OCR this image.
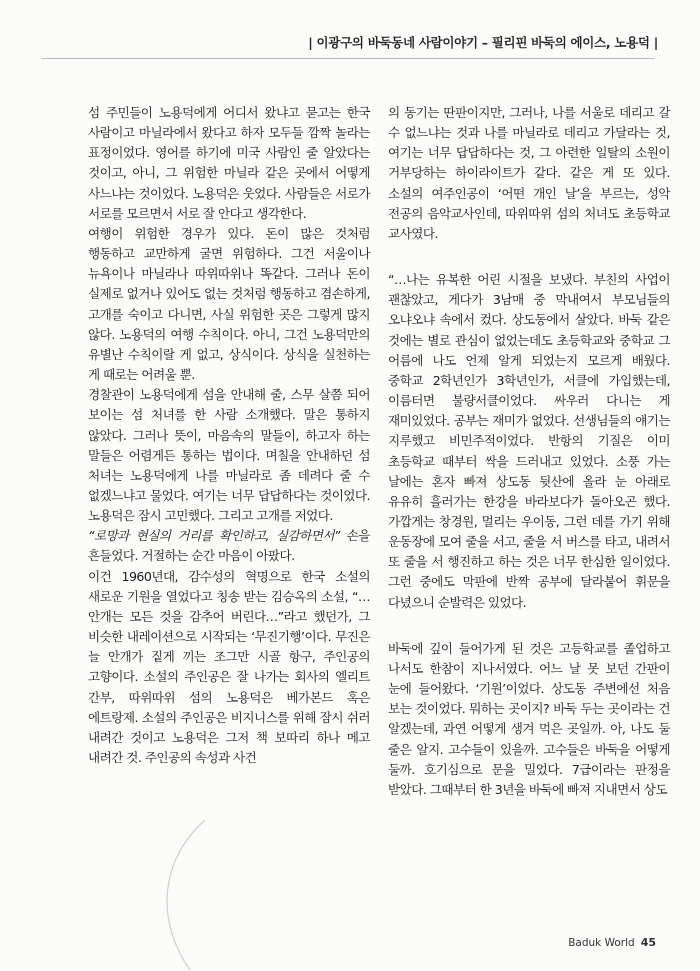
| 이광구의 바둑동네 사람이야기 – 필리핀 바둑의 에이스, 노용덕 |

섬 주민들이 노용덕에게 어디서 왔냐고 묻고는 한국 사람이고 마닐라에서 왔다고 하자 모두들 깜짝 놀라는 표정이었다. 영어를 하기에 미국 사람인 줄 알았다는 것이고, 아니, 그 위험한 마닐라 같은 곳에서 어떻게 사느냐는 것이었다. 노용덕은 웃었다. 사람들은 서로가 서로를 모르면서 서로 잘 안다고 생각한다.

여행이 위험한 경우가 있다. 돈이 많은 것처럼 행동하고 교만하게 굴면 위험하다. 그건 서울이나 뉴욕이나 마닐라나 따위따위나 똑같다. 그러나 돈이 실제로 없거나 있어도 없는 것처럼 행동하고 겸손하게, 고개를 숙이고 다니면, 사실 위험한 곳은 그렇게 많지 않다. 노용덕의 여행 수칙이다. 아니, 그건 노용덕만의 유별난 수칙이랄 게 없고, 상식이다. 상식을 실천하는 게 때로는 어려울 뿐.

경찰관이 노용덕에게 섬을 안내해 줄, 스무 살쯤 되어 보이는 섬 처녀를 한 사람 소개했다. 말은 통하지 않았다. 그러나 뜻이, 마음속의 말들이, 하고자 하는 말들은 어렴게든 통하는 법이다. 며칠을 안내하던 섬 처녀는 노용덕에게 나를 마닐라로 좀 데려다 줄 수 없겠느냐고 물었다. 여기는 너무 답답하다는 것이었다. 노용덕은 잠시 고민했다. 그리고 고개를 저었다.

“로망과 현실의 거리를 확인하고, 실감하면서” 손을 흔들었다. 거절하는 순간 마음이 아팠다.

이건 1960년대, 감수성의 혁명으로 한국 소설의 새로운 기원을 열었다고 칭송 받는 김승옥의 소설, “…안개는 모든 것을 감추어 버린다…”라고 했던가, 그 비슷한 내레이션으로 시작되는 ‘무진기행’이다. 무진은 늘 안개가 짙게 끼는 조그만 시골 항구, 주인공의 고향이다. 소설의 주인공은 잘 나가는 회사의 엘리트 간부, 따위따위 섬의 노용덕은 베가본드 혹은 에트랑제. 소설의 주인공은 비지니스를 위해 잠시 쉬러 내려간 것이고 노용덕은 그저 책 보따리 하나 메고 내려간 것. 주인공의 속성과 사건

의 동기는 딴판이지만, 그러나, 나를 서울로 데리고 갈 수 없느냐는 것과 나를 마닐라로 데리고 가달라는 것, 여기는 너무 답답하다는 것, 그 아련한 일탈의 소원이 거부당하는 하이라이트가 같다. 같은 게 또 있다. 소설의 여주인공이 ‘어떤 개인 날’을 부르는, 성악 전공의 음악교사인데, 따위따위 섬의 처녀도 초등학교 교사였다.

“…나는 유복한 어린 시절을 보냈다. 부친의 사업이 괜찮았고, 게다가 3남매 중 막내여서 부모님들의 오냐오냐 속에서 컸다. 상도동에서 살았다. 바둑 같은 것에는 별로 관심이 없었는데도 초등학교와 중학교 그 어름에 나도 언제 알게 되었는지 모르게 배웠다. 중학교 2학년인가 3학년인가, 서클에 가입했는데, 이름터면 불량서클이었다. 싸우러 다니는 게 재미있었다. 공부는 재미가 없었다. 선생님들의 얘기는 지루했고 비민주적이었다. 반항의 기질은 이미 초등학교 때부터 싹을 드러내고 있었다. 소풍 가는 날에는 혼자 빠져 상도동 뒷산에 올라 눈 아래로 유유히 흘러가는 한강을 바라보다가 돌아오곤 했다. 가깝게는 창경원, 멀리는 우이동, 그런 데를 가기 위해 운동장에 모여 줄을 서고, 줄을 서 버스를 타고, 내려서 또 줄을 서 행진하고 하는 것은 너무 한심한 일이었다. 그런 중에도 막판에 반짝 공부에 달라붙어 휘문을 다녔으니 순발력은 있었다.

바둑에 깊이 들어가게 된 것은 고등학교를 졸업하고 나서도 한참이 지나서였다. 어느 날 못 보던 간판이 눈에 들어왔다. ‘기원’이었다. 상도동 주변에선 처음 보는 것이었다. 뭐하는 곳이지? 바둑 두는 곳이라는 건 알겠는데, 과연 어떻게 생겨 먹은 곳일까. 아, 나도 둘 줄은 알지. 고수들이 있을까. 고수들은 바둑을 어떻게 둘까. 호기심으로 문을 밀었다. 7급이라는 판정을 받았다. 그때부터 한 3년을 바둑에 빠져 지내면서 상도

Baduk World 45
